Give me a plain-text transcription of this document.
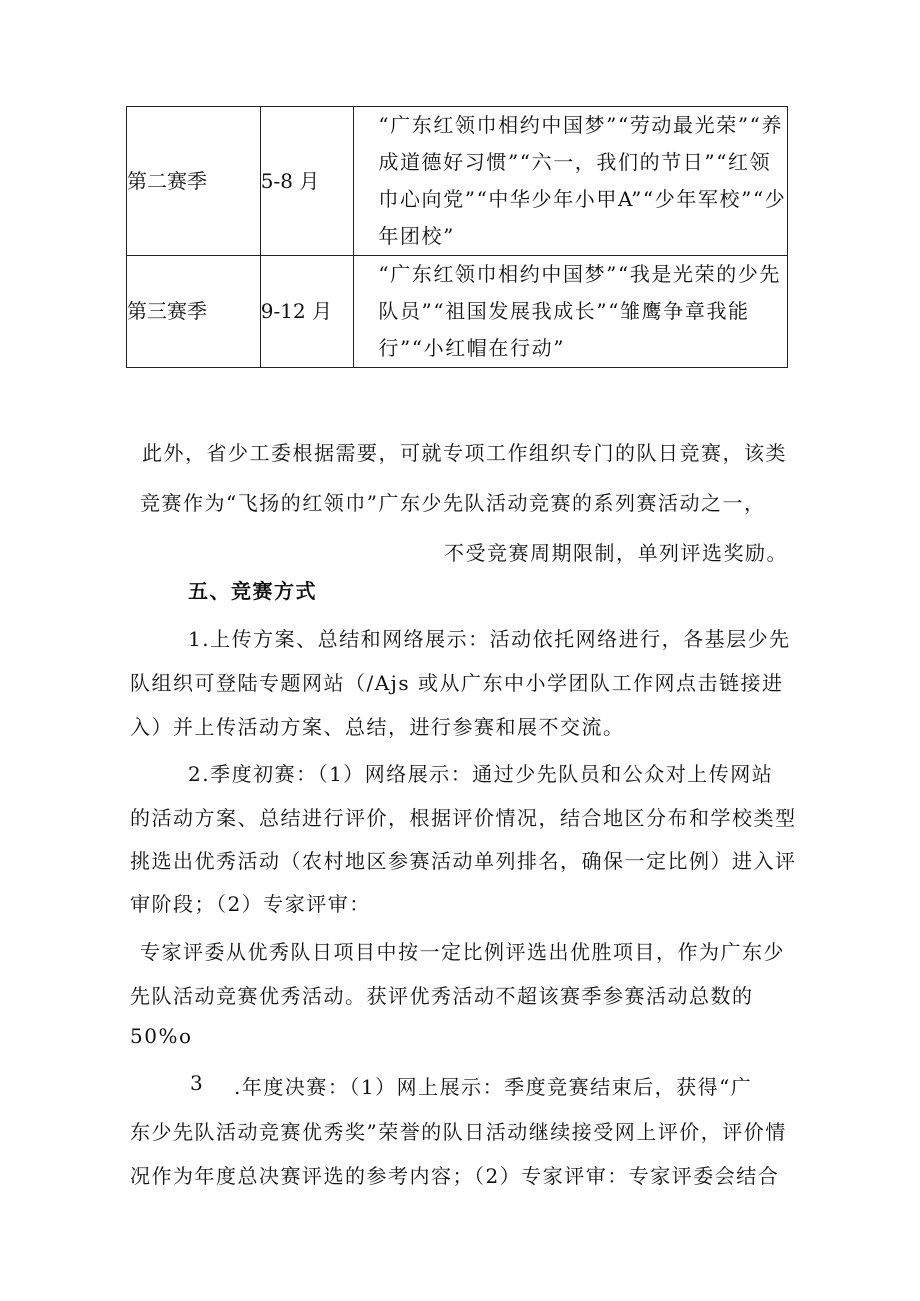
第二赛季	5-8 月	“广东红领巾相约中国梦”“劳动最光荣”“养成道德好习惯”“六一，我们的节日”“红领巾心向党”“中华少年小甲A”“少年军校”“少年团校”

第三赛季	9-12 月	“广东红领巾相约中国梦”“我是光荣的少先队员”“祖国发展我成长”“雏鹰争章我能行”“小红帽在行动”

此外，省少工委根据需要，可就专项工作组织专门的队日竞赛，该类

竞赛作为“飞扬的红领巾”广东少先队活动竞赛的系列赛活动之一，

不受竞赛周期限制，单列评选奖励。

五、竞赛方式

1.上传方案、总结和网络展示：活动依托网络进行，各基层少先

队组织可登陆专题网站（/Ajs 或从广东中小学团队工作网点击链接进

入）并上传活动方案、总结，进行参赛和展不交流。

2.季度初赛：（1）网络展示：通过少先队员和公众对上传网站

的活动方案、总结进行评价，根据评价情况，结合地区分布和学校类型

挑选出优秀活动（农村地区参赛活动单列排名，确保一定比例）进入评

审阶段；（2）专家评审：

专家评委从优秀队日项目中按一定比例评选出优胜项目，作为广东少

先队活动竞赛优秀活动。获评优秀活动不超该赛季参赛活动总数的

50%o

3 .年度决赛：（1）网上展示：季度竞赛结束后，获得“广

东少先队活动竞赛优秀奖”荣誉的队日活动继续接受网上评价，评价情

况作为年度总决赛评选的参考内容；（2）专家评审：专家评委会结合
